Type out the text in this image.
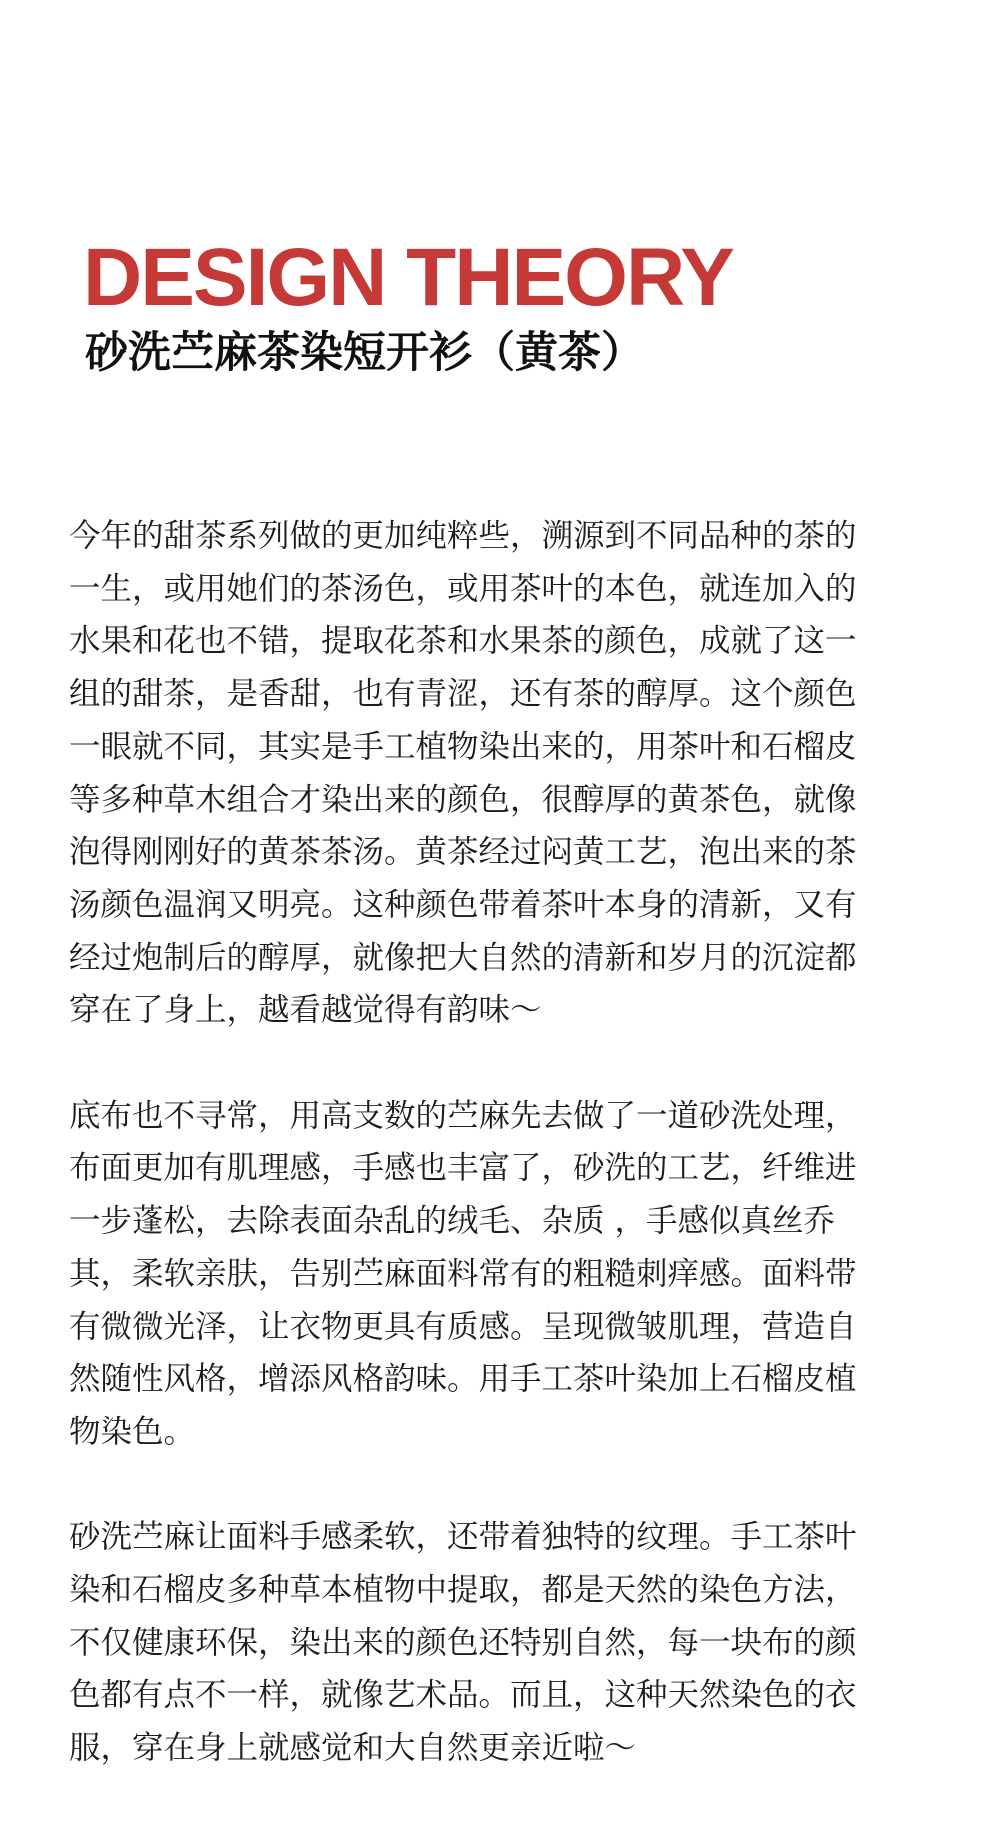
DESIGN THEORY
砂洗苎麻茶染短开衫（黄茶）

今年的甜茶系列做的更加纯粹些，溯源到不同品种的茶的
一生，或用她们的茶汤色，或用茶叶的本色，就连加入的
水果和花也不错，提取花茶和水果茶的颜色，成就了这一
组的甜茶，是香甜，也有青涩，还有茶的醇厚。这个颜色
一眼就不同，其实是手工植物染出来的，用茶叶和石榴皮
等多种草木组合才染出来的颜色，很醇厚的黄茶色，就像
泡得刚刚好的黄茶茶汤。黄茶经过闷黄工艺，泡出来的茶
汤颜色温润又明亮。这种颜色带着茶叶本身的清新，又有
经过炮制后的醇厚，就像把大自然的清新和岁月的沉淀都
穿在了身上，越看越觉得有韵味～

底布也不寻常，用高支数的苎麻先去做了一道砂洗处理，
布面更加有肌理感，手感也丰富了，砂洗的工艺，纤维进
一步蓬松，去除表面杂乱的绒毛、杂质 ，手感似真丝乔
其，柔软亲肤，告别苎麻面料常有的粗糙刺痒感。面料带
有微微光泽，让衣物更具有质感。呈现微皱肌理，营造自
然随性风格，增添风格韵味。用手工茶叶染加上石榴皮植
物染色。

砂洗苎麻让面料手感柔软，还带着独特的纹理。手工茶叶
染和石榴皮多种草本植物中提取，都是天然的染色方法，
不仅健康环保，染出来的颜色还特别自然，每一块布的颜
色都有点不一样，就像艺术品。而且，这种天然染色的衣
服，穿在身上就感觉和大自然更亲近啦～
